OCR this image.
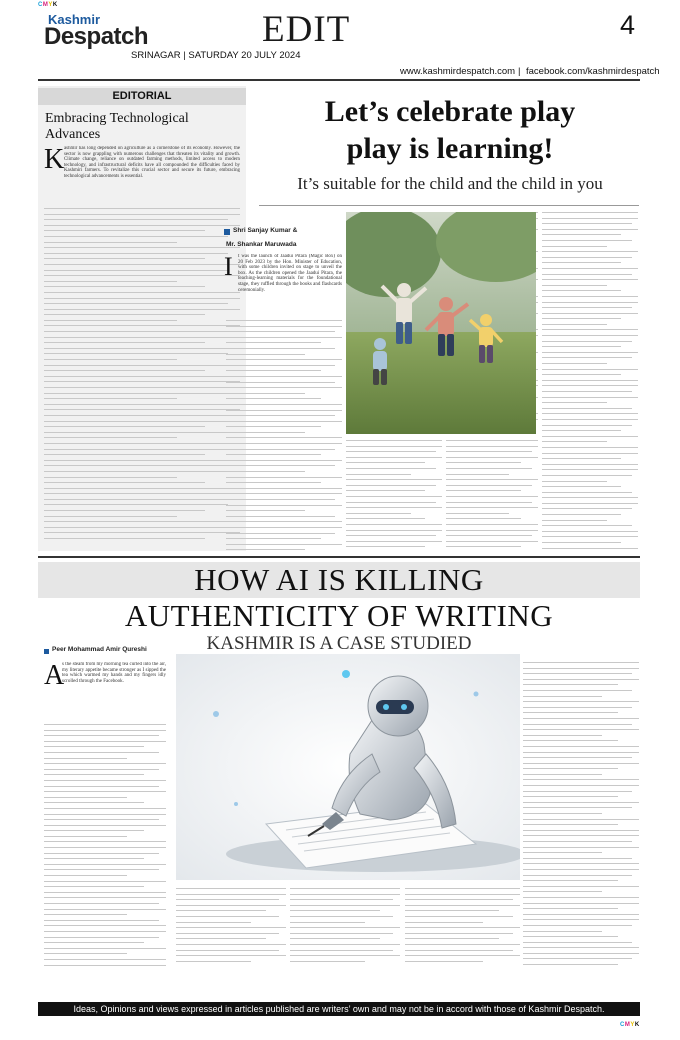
CMYK
Kashmir
Despatch
SRINAGAR | SATURDAY 20 JULY 2024
EDIT	4
www.kashmirdespatch.com | facebook.com/kashmirdespatch
EDITORIAL
Embracing Technological Advances
K ashmir has long depended on agriculture as a cornerstone of its economy. However, the sector is now grappling with numerous challenges that threaten its vitality and growth. Climate change, reliance on outdated farming methods, limited access to modern technology, and infrastructural deficits have all compounded the difficulties faced by Kashmiri farmers. To revitalize this crucial sector and secure its future, embracing technological advancements is essential.
Let’s celebrate play
play is learning!
It’s suitable for the child and the child in you
Shri Sanjay Kumar &
Mr. Shankar Maruwada
I t was the launch of Jaadui Pitara (Magic Box) on 20 Feb 2023 by the Hon. Minister of Education, with some children invited on stage to unveil the box. As the children opened the Jaadui Pitara, the teaching-learning materials for the foundational stage, they ruffled through the books and flashcards ceremonially.
HOW AI IS KILLING
AUTHENTICITY OF WRITING
KASHMIR IS A CASE STUDIED
Peer Mohammad Amir Qureshi
A
s the steam from my morning tea curled into the air, my literary appetite became stronger as I sipped the tea which warmed my hands and my fingers idly scrolled through the Facebook.
Ideas, Opinions and views expressed in articles published are writers’ own and may not be in accord with those of Kashmir Despatch.
CMYK
